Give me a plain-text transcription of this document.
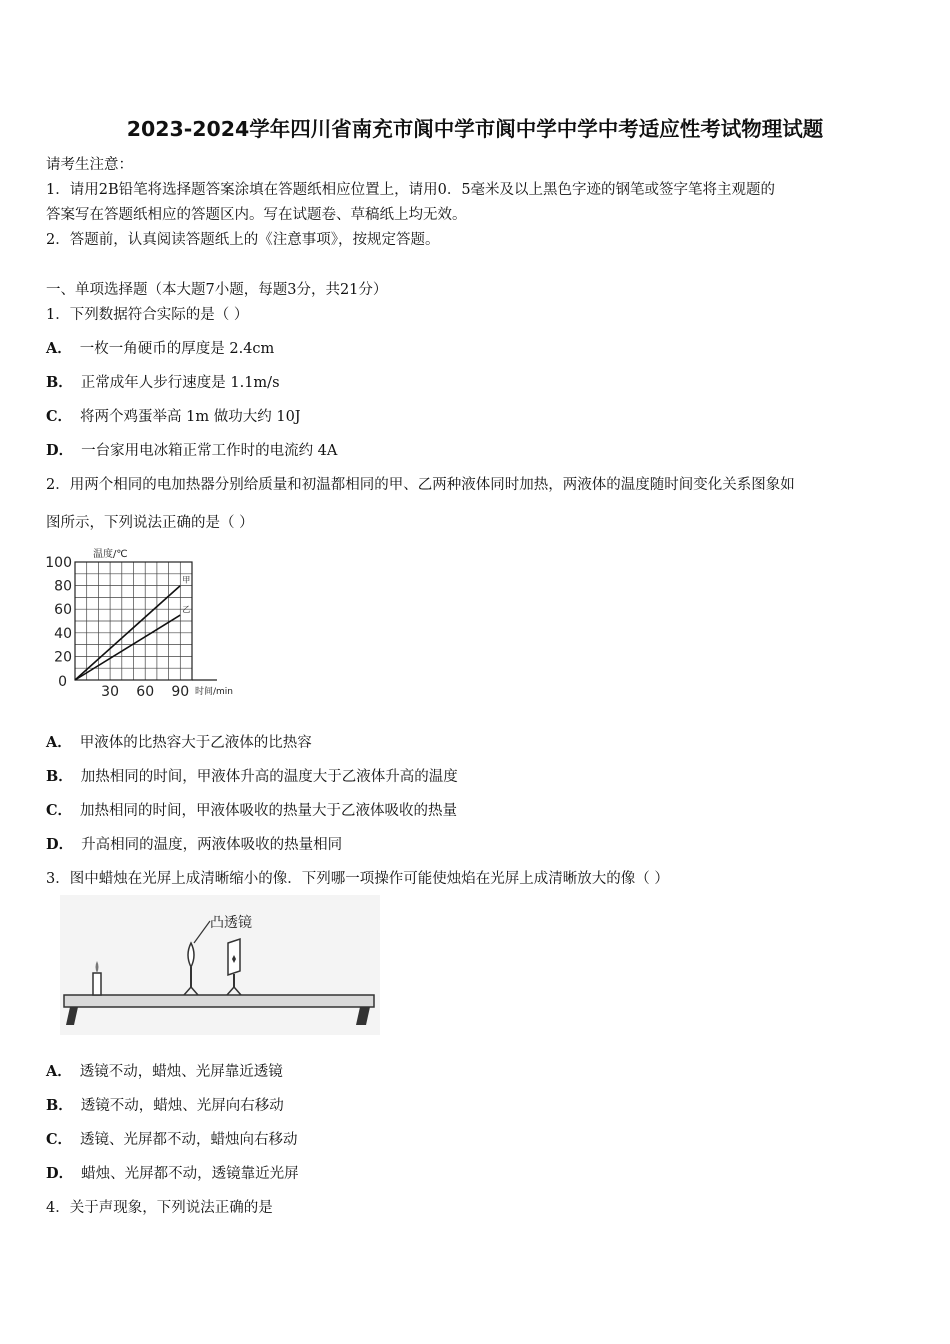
2023-2024学年四川省南充市阆中学市阆中学中学中考适应性考试物理试题
请考生注意：
1．请用2B铅笔将选择题答案涂填在答题纸相应位置上，请用0．5毫米及以上黑色字迹的钢笔或签字笔将主观题的
答案写在答题纸相应的答题区内。写在试题卷、草稿纸上均无效。
2．答题前，认真阅读答题纸上的《注意事项》，按规定答题。
一、单项选择题（本大题7小题，每题3分，共21分）
1．下列数据符合实际的是（ ）
A． 一枚一角硬币的厚度是 2.4cm
B． 正常成年人步行速度是 1.1m/s
C． 将两个鸡蛋举高 1m 做功大约 10J
D． 一台家用电冰箱正常工作时的电流约 4A
2．用两个相同的电加热器分别给质量和初温都相同的甲、乙两种液体同时加热，两液体的温度随时间变化关系图象如
图所示，下列说法正确的是（ ）
100
80
60
40
20
0
30 60 90
温度/℃
时间/min
甲
乙
A． 甲液体的比热容大于乙液体的比热容
B． 加热相同的时间，甲液体升高的温度大于乙液体升高的温度
C． 加热相同的时间，甲液体吸收的热量大于乙液体吸收的热量
D． 升高相同的温度，两液体吸收的热量相同
3．图中蜡烛在光屏上成清晰缩小的像．下列哪一项操作可能使烛焰在光屏上成清晰放大的像（ ）
凸透镜
A． 透镜不动，蜡烛、光屏靠近透镜
B． 透镜不动，蜡烛、光屏向右移动
C． 透镜、光屏都不动，蜡烛向右移动
D． 蜡烛、光屏都不动，透镜靠近光屏
4．关于声现象，下列说法正确的是
